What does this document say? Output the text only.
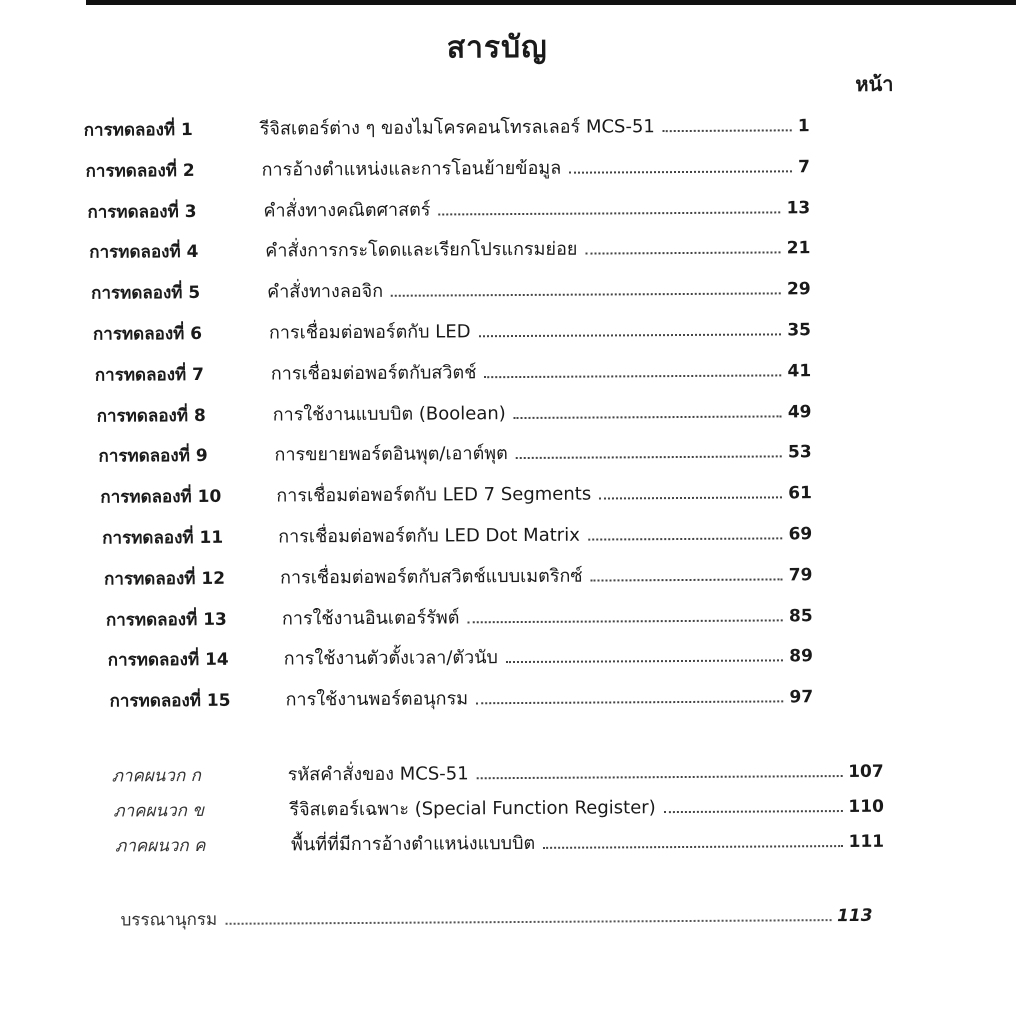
สารบัญ
หน้า
การทดลองที่ 1	รีจิสเตอร์ต่าง ๆ ของไมโครคอนโทรลเลอร์ MCS-51	1
การทดลองที่ 2	การอ้างตำแหน่งและการโอนย้ายข้อมูล	7
การทดลองที่ 3	คำสั่งทางคณิตศาสตร์	13
การทดลองที่ 4	คำสั่งการกระโดดและเรียกโปรแกรมย่อย	21
การทดลองที่ 5	คำสั่งทางลอจิก	29
การทดลองที่ 6	การเชื่อมต่อพอร์ตกับ LED	35
การทดลองที่ 7	การเชื่อมต่อพอร์ตกับสวิตช์	41
การทดลองที่ 8	การใช้งานแบบบิต (Boolean)	49
การทดลองที่ 9	การขยายพอร์ตอินพุต/เอาต์พุต	53
การทดลองที่ 10	การเชื่อมต่อพอร์ตกับ LED 7 Segments	61
การทดลองที่ 11	การเชื่อมต่อพอร์ตกับ LED Dot Matrix	69
การทดลองที่ 12	การเชื่อมต่อพอร์ตกับสวิตช์แบบเมตริกซ์	79
การทดลองที่ 13	การใช้งานอินเตอร์รัพต์	85
การทดลองที่ 14	การใช้งานตัวตั้งเวลา/ตัวนับ	89
การทดลองที่ 15	การใช้งานพอร์ตอนุกรม	97
ภาคผนวก ก	รหัสคำสั่งของ MCS-51	107
ภาคผนวก ข	รีจิสเตอร์เฉพาะ (Special Function Register)	110
ภาคผนวก ค	พื้นที่ที่มีการอ้างตำแหน่งแบบบิต	111
บรรณานุกรม	113
